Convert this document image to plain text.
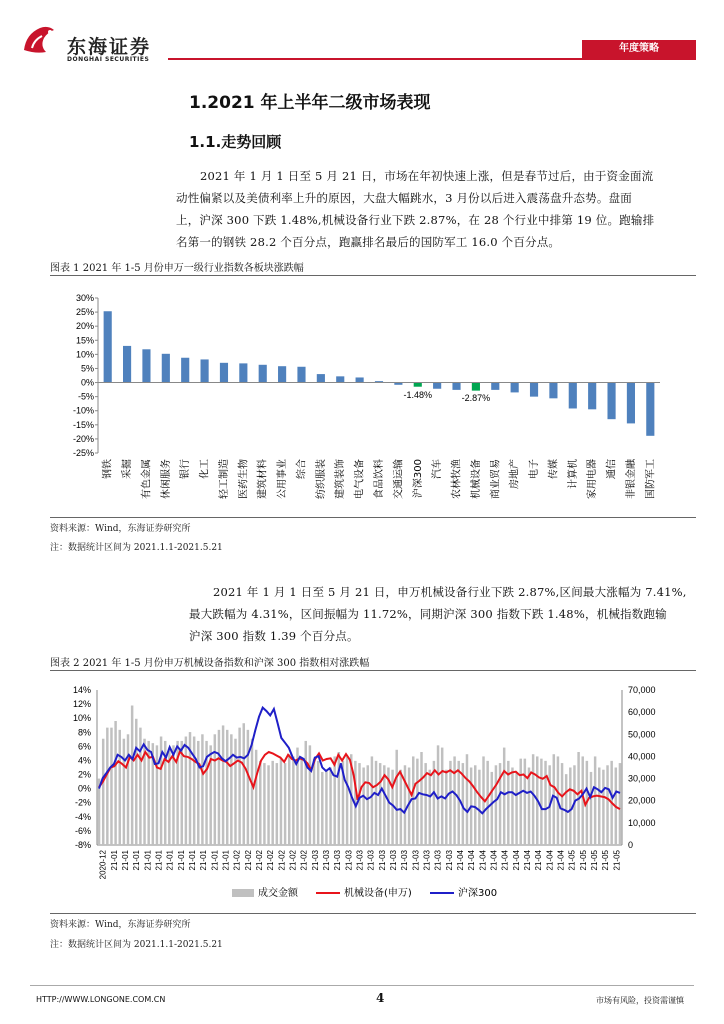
东海证券
DONGHAI SECURITIES
年度策略
1.2021 年上半年二级市场表现
1.1.走势回顾

2021 年 1 月 1 日至 5 月 21 日，市场在年初快速上涨，但是春节过后，由于资金面流

动性偏紧以及美债利率上升的原因，大盘大幅跳水，3 月份以后进入震荡盘升态势。盘面

上，沪深 300 下跌 1.48%,机械设备行业下跌 2.87%，在 28 个行业中排第 19 位。跑输排

名第一的钢铁 28.2 个百分点，跑赢排名最后的国防军工 16.0 个百分点。

图表 1 2021 年 1-5 月份申万一级行业指数各板块涨跌幅
30%
25%
20%
15%
10%
5%
0%
-5%
-10%
-15%
-20%
-25%
钢铁 采掘 有色金属 休闲服务 银行 化工 轻工制造 医药生物 建筑材料 公用事业 综合 纺织服装 建筑装饰 电气设备 食品饮料 交通运输 沪深300 汽车 农林牧渔 机械设备 商业贸易 房地产 电子 传媒 计算机 家用电器 通信 非银金融 国防军工
-1.48%	-2.87%
资料来源：Wind，东海证券研究所
注：数据统计区间为 2021.1.1-2021.5.21

2021 年 1 月 1 日至 5 月 21 日，申万机械设备行业下跌 2.87%,区间最大涨幅为 7.41%,

最大跌幅为 4.31%，区间振幅为 11.72%，同期沪深 300 指数下跌 1.48%，机械指数跑输

沪深 300 指数 1.39 个百分点。

图表 2 2021 年 1-5 月份申万机械设备指数和沪深 300 指数相对涨跌幅
14%
12%
10%
8%
6%
4%
2%
0%
-2%
-4%
-6%
-8%
70,000
60,000
50,000
40,000
30,000
20,000
10,000
0
2020-12 21-01 21-01 21-01 21-01 21-01 21-01 21-01 21-01 21-01 21-01 21-01 21-02 21-02 21-02 21-02 21-02 21-02 21-02 21-03 21-03 21-03 21-03 21-03 21-03 21-03 21-03 21-03 21-03 21-03 21-03 21-03 21-04 21-04 21-04 21-04 21-04 21-04 21-04 21-04 21-04 21-04 21-05 21-05 21-05 21-05 21-05
成交金额	机械设备(申万)	沪深300
资料来源：Wind，东海证券研究所
注：数据统计区间为 2021.1.1-2021.5.21
HTTP://WWW.LONGONE.COM.CN	4	市场有风险，投资需谨慎
